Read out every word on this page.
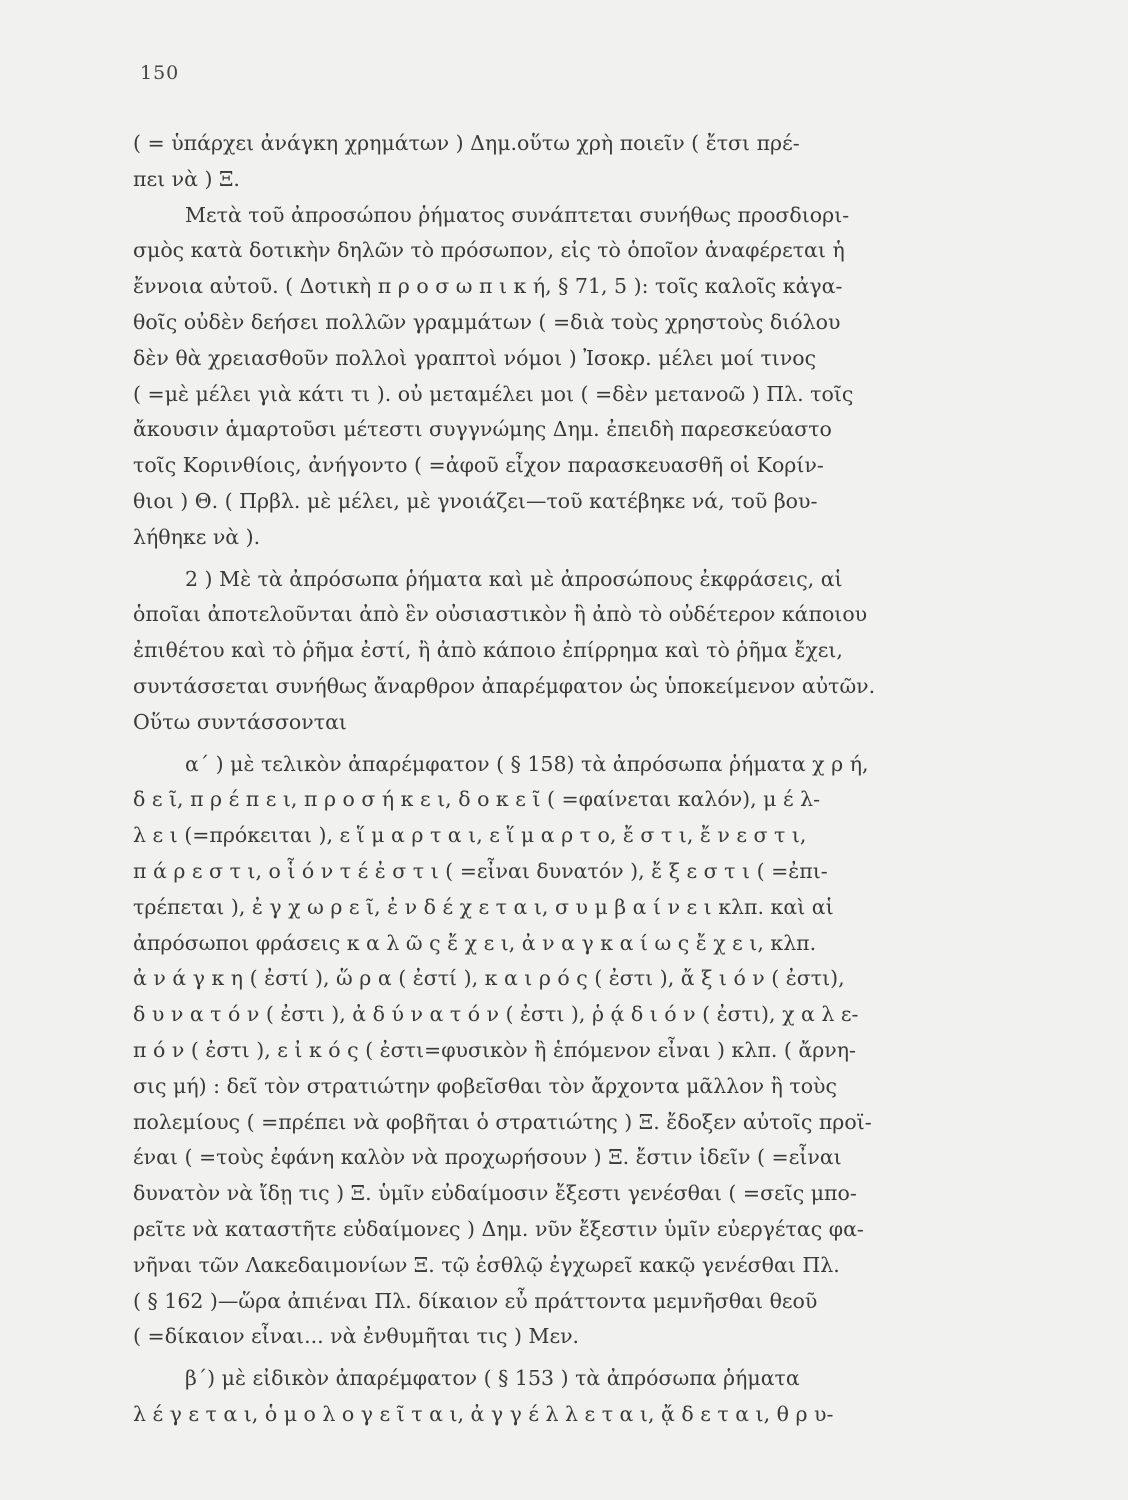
150
( = ὑπάρχει ἀνάγκη χρημάτων ) Δημ.οὕτω χρὴ ποιεῖν ( ἔτσι πρέ-
πει νὰ ) Ξ.
Μετὰ τοῦ ἀπροσώπου ῥήματος συνάπτεται συνήθως προσδιορι-
σμὸς κατὰ δοτικὴν δηλῶν τὸ πρόσωπον, εἰς τὸ ὁποῖον ἀναφέρεται ἡ
ἔννοια αὐτοῦ. ( Δοτικὴ π ρ ο σ ω π ι κ ή, § 71, 5 ): τοῖς καλοῖς κἀγα-
θοῖς οὐδὲν δεήσει πολλῶν γραμμάτων ( =διὰ τοὺς χρηστοὺς διόλου
δὲν θὰ χρειασθοῦν πολλοὶ γραπτοὶ νόμοι ) Ἰσοκρ. μέλει μοί τινος
( =μὲ μέλει γιὰ κάτι τι ). οὐ μεταμέλει μοι ( =δὲν μετανοῶ ) Πλ. τοῖς
ἄκουσιν ἁμαρτοῦσι μέτεστι συγγνώμης Δημ. ἐπειδὴ παρεσκεύαστο
τοῖς Κορινθίοις, ἀνήγοντο ( =ἀφοῦ εἶχον παρασκευασθῆ οἱ Κορίν-
θιοι ) Θ. ( Πρβλ. μὲ μέλει, μὲ γνοιάζει—τοῦ κατέβηκε νά, τοῦ βου-
λήθηκε νὰ ).
2 ) Μὲ τὰ ἀπρόσωπα ῥήματα καὶ μὲ ἀπροσώπους ἐκφράσεις, αἱ
ὁποῖαι ἀποτελοῦνται ἀπὸ ἓν οὐσιαστικὸν ἢ ἀπὸ τὸ οὐδέτερον κάποιου
ἐπιθέτου καὶ τὸ ῥῆμα ἐστί, ἢ ἀπὸ κάποιο ἐπίρρημα καὶ τὸ ῥῆμα ἔχει,
συντάσσεται συνήθως ἄναρθρον ἀπαρέμφατον ὡς ὑποκείμενον αὐτῶν.
Οὕτω συντάσσονται
α΄ ) μὲ τελικὸν ἀπαρέμφατον ( § 158) τὰ ἀπρόσωπα ῥήματα χ ρ ή,
δ ε ῖ, π ρ έ π ε ι, π ρ ο σ ή κ ε ι, δ ο κ ε ῖ ( =φαίνεται καλόν), μ έ λ-
λ ε ι (=πρόκειται ), ε ἵ μ α ρ τ α ι, ε ἵ μ α ρ τ ο, ἔ σ τ ι, ἔ ν ε σ τ ι,
π ά ρ ε σ τ ι, ο ἷ ό ν τ έ ἐ σ τ ι ( =εἶναι δυνατόν ), ἔ ξ ε σ τ ι ( =ἐπι-
τρέπεται ), ἐ γ χ ω ρ ε ῖ, ἐ ν δ έ χ ε τ α ι, σ υ μ β α ί ν ε ι κλπ. καὶ αἱ
ἀπρόσωποι φράσεις κ α λ ῶ ς ἔ χ ε ι, ἀ ν α γ κ α ί ω ς ἔ χ ε ι, κλπ.
ἀ ν ά γ κ η ( ἐστί ), ὥ ρ α ( ἐστί ), κ α ι ρ ό ς ( ἐστι ), ἄ ξ ι ό ν ( ἐστι),
δ υ ν α τ ό ν ( ἐστι ), ἀ δ ύ ν α τ ό ν ( ἐστι ), ῥ ᾴ δ ι ό ν ( ἐστι), χ α λ ε-
π ό ν ( ἐστι ), ε ἰ κ ό ς ( ἐστι=φυσικὸν ἢ ἑπόμενον εἶναι ) κλπ. ( ἄρνη-
σις μή) : δεῖ τὸν στρατιώτην φοβεῖσθαι τὸν ἄρχοντα μᾶλλον ἢ τοὺς
πολεμίους ( =πρέπει νὰ φοβῆται ὁ στρατιώτης ) Ξ. ἔδοξεν αὐτοῖς προϊ-
έναι ( =τοὺς ἐφάνη καλὸν νὰ προχωρήσουν ) Ξ. ἔστιν ἰδεῖν ( =εἶναι
δυνατὸν νὰ ἴδῃ τις ) Ξ. ὑμῖν εὐδαίμοσιν ἔξεστι γενέσθαι ( =σεῖς μπο-
ρεῖτε νὰ καταστῆτε εὐδαίμονες ) Δημ. νῦν ἔξεστιν ὑμῖν εὐεργέτας φα-
νῆναι τῶν Λακεδαιμονίων Ξ. τῷ ἐσθλῷ ἐγχωρεῖ κακῷ γενέσθαι Πλ.
( § 162 )—ὥρα ἀπιέναι Πλ. δίκαιον εὖ πράττοντα μεμνῆσθαι θεοῦ
( =δίκαιον εἶναι... νὰ ἐνθυμῆται τις ) Μεν.
β΄) μὲ εἰδικὸν ἀπαρέμφατον ( § 153 ) τὰ ἀπρόσωπα ῥήματα
λ έ γ ε τ α ι, ὁ μ ο λ ο γ ε ῖ τ α ι, ἀ γ γ έ λ λ ε τ α ι, ᾄ δ ε τ α ι, θ ρ υ-
